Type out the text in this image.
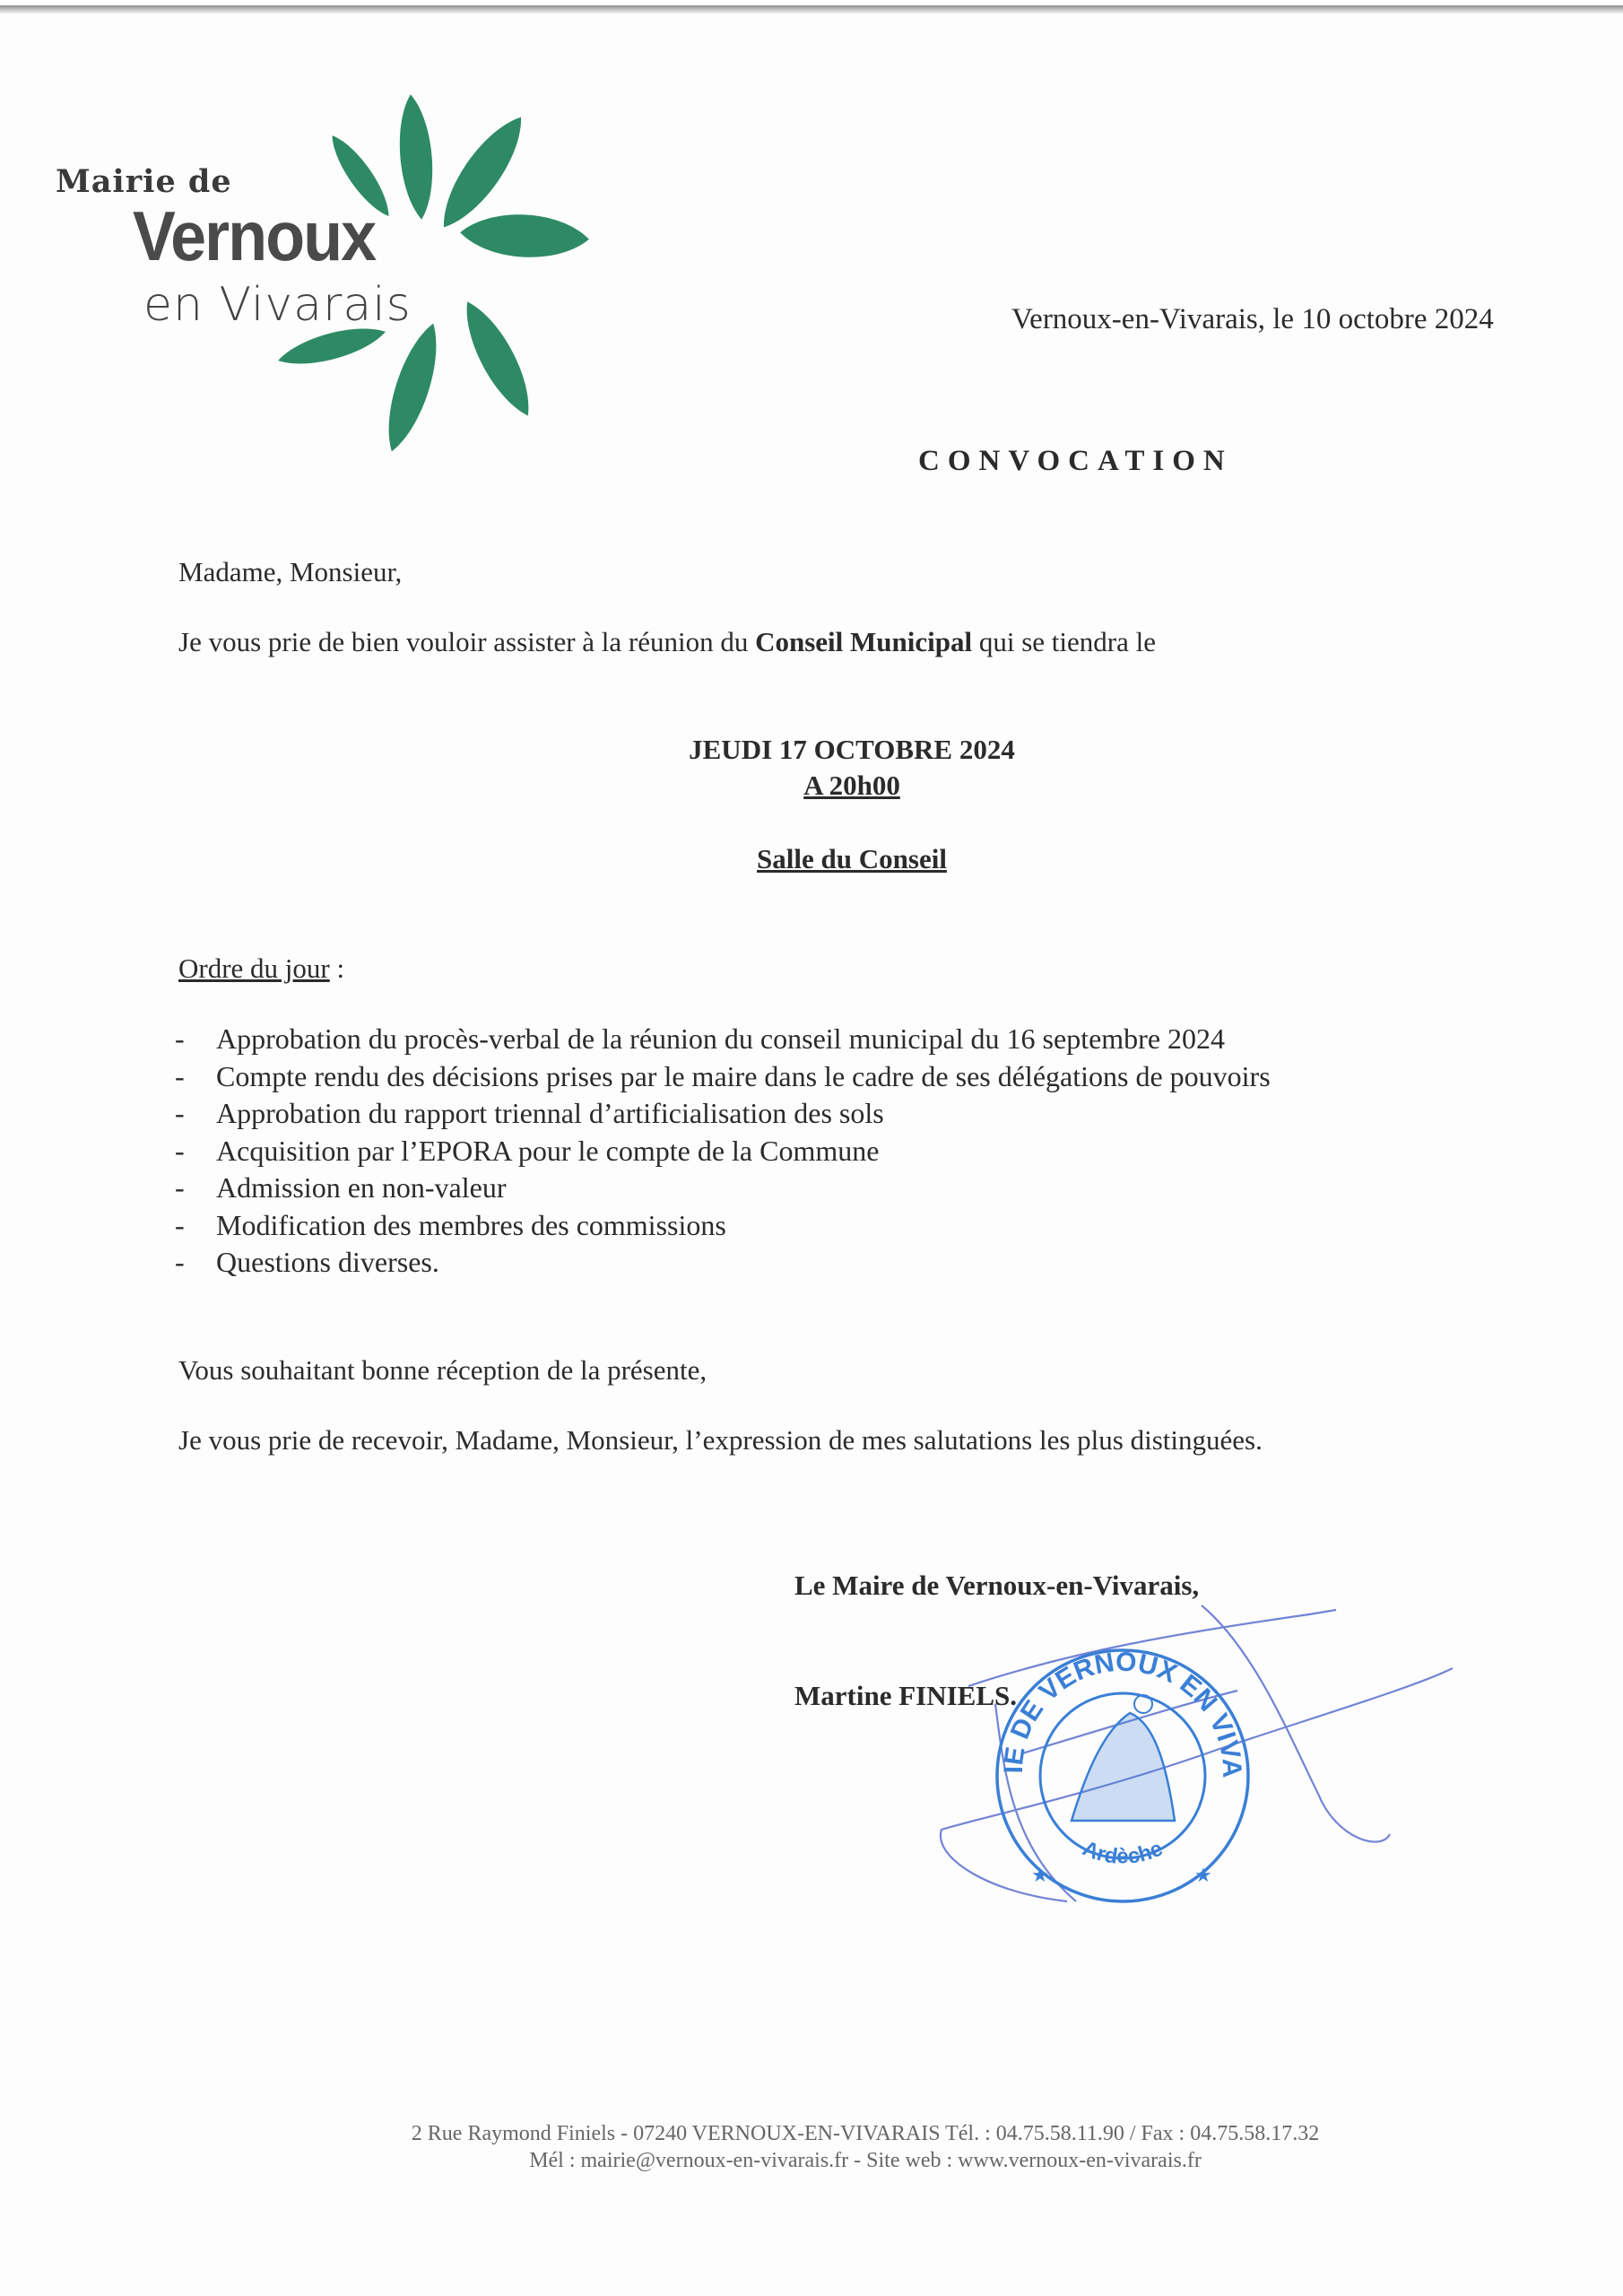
Mairie de
Vernoux
en Vivarais	Vernoux-en-Vivarais, le 10 octobre 2024
CONVOCATION
Madame, Monsieur,
Je vous prie de bien vouloir assister à la réunion du Conseil Municipal qui se tiendra le
JEUDI 17 OCTOBRE 2024
A 20h00
Salle du Conseil
Ordre du jour :
- Approbation du procès-verbal de la réunion du conseil municipal du 16 septembre 2024
- Compte rendu des décisions prises par le maire dans le cadre de ses délégations de pouvoirs
- Approbation du rapport triennal d’artificialisation des sols
- Acquisition par l’EPORA pour le compte de la Commune
- Admission en non-valeur
- Modification des membres des commissions
- Questions diverses.
Vous souhaitant bonne réception de la présente,
Je vous prie de recevoir, Madame, Monsieur, l’expression de mes salutations les plus distinguées.
Le Maire de Vernoux-en-Vivarais,
IE DE VERNOUX EN VIVA
Ardèche
★	★
Martine FINIELS.
2 Rue Raymond Finiels - 07240 VERNOUX-EN-VIVARAIS Tél. : 04.75.58.11.90 / Fax : 04.75.58.17.32
Mél : mairie@vernoux-en-vivarais.fr - Site web : www.vernoux-en-vivarais.fr
